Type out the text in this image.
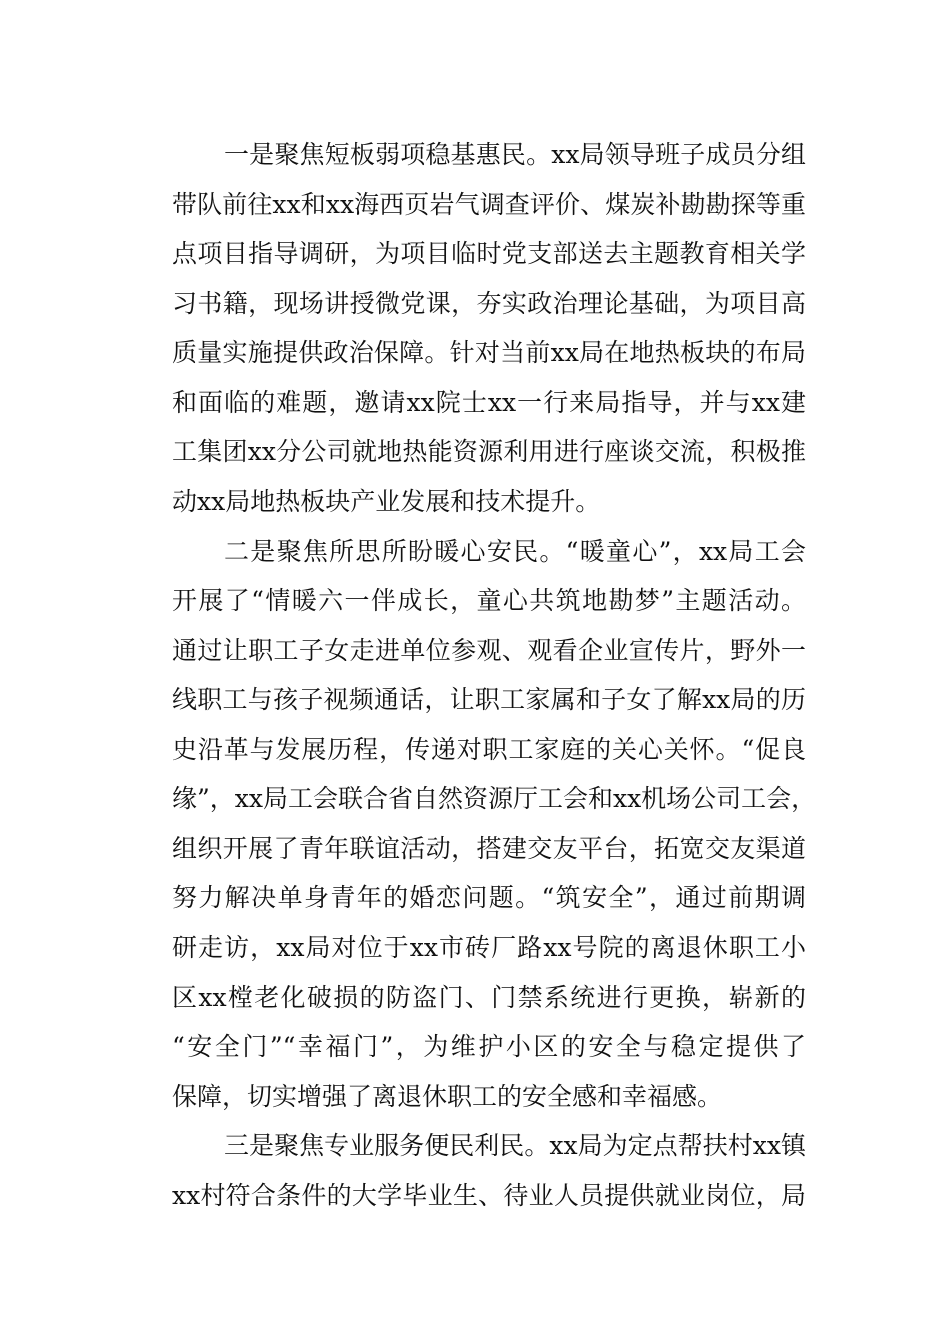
一是聚焦短板弱项稳基惠民。xx局领导班子成员分组
带队前往xx和xx海西页岩气调查评价、煤炭补勘勘探等重
点项目指导调研，为项目临时党支部送去主题教育相关学
习书籍，现场讲授微党课，夯实政治理论基础，为项目高
质量实施提供政治保障。针对当前xx局在地热板块的布局
和面临的难题，邀请xx院士xx一行来局指导，并与xx建
工集团xx分公司就地热能资源利用进行座谈交流，积极推
动xx局地热板块产业发展和技术提升。
二是聚焦所思所盼暖心安民。“暖童心”，xx局工会
开展了“情暖六一伴成长，童心共筑地勘梦”主题活动。
通过让职工子女走进单位参观、观看企业宣传片，野外一
线职工与孩子视频通话，让职工家属和子女了解xx局的历
史沿革与发展历程，传递对职工家庭的关心关怀。“促良
缘”，xx局工会联合省自然资源厅工会和xx机场公司工会，
组织开展了青年联谊活动，搭建交友平台，拓宽交友渠道
努力解决单身青年的婚恋问题。“筑安全”，通过前期调
研走访，xx局对位于xx市砖厂路xx号院的离退休职工小
区xx樘老化破损的防盗门、门禁系统进行更换，崭新的
“安全门”“幸福门”，为维护小区的安全与稳定提供了
保障，切实增强了离退休职工的安全感和幸福感。
三是聚焦专业服务便民利民。xx局为定点帮扶村xx镇
xx村符合条件的大学毕业生、待业人员提供就业岗位，局
